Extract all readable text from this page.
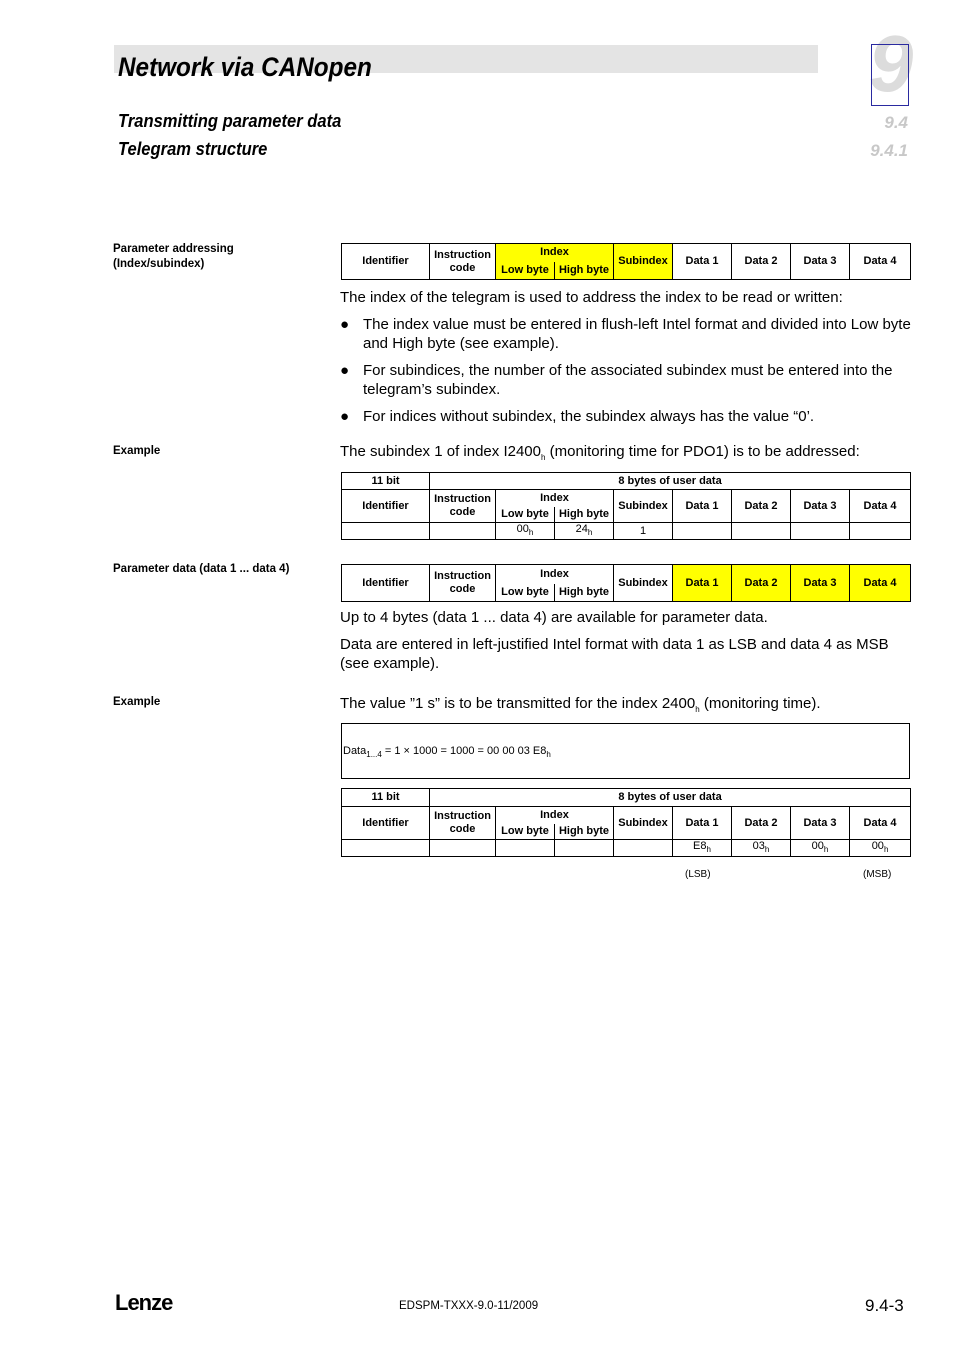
Network via CANopen	9
Transmitting parameter data
Telegram structure
9.4
9.4.1
Parameter addressing
(Index/subindex)
Example
Parameter data (data 1 ... data 4)
Example
Identifier	Instruction
code	Index		Subindex	Data 1	Data 2	Data 3	Data 4
		Low byte	High byte					
The index of the telegram is used to address the index to be read or written:
● The index value must be entered in flush-left Intel format and divided into Low byte and High byte (see example).
● For subindices, the number of the associated subindex must be entered into the telegram’s subindex.
● For indices without subindex, the subindex always has the value “0’.
The subindex 1 of index $I2400_h$ (monitoring time for PDO1) is to be addressed:
11 bit	8 bytes of user data							
Identifier	Instruction
code	Index		Subindex	Data 1	Data 2	Data 3	Data 4
		Low byte	High byte					
		$00_h$	$24_h$	1				
Identifier	Instruction
code	Index		Subindex	Data 1	Data 2	Data 3	Data 4
		Low byte	High byte					
Up to 4 bytes (data 1 ... data 4) are available for parameter data.
Data are entered in left-justified Intel format with data 1 as LSB and data 4 as MSB (see example).
The value ”1 s” is to be transmitted for the index $2400_h$ (monitoring time).
Data$_{1...4}$ = 1 × 1000 = 1000 = 00 00 03 $E8_h$
11 bit	8 bytes of user data							
Identifier	Instruction
code	Index		Subindex	Data 1	Data 2	Data 3	Data 4
		Low byte	High byte					
					$E8_h$	$03_h$	$00_h$	$00_h$
(LSB)	(MSB)
Lenze	EDSPM-TXXX-9.0-11/2009	9.4-3
